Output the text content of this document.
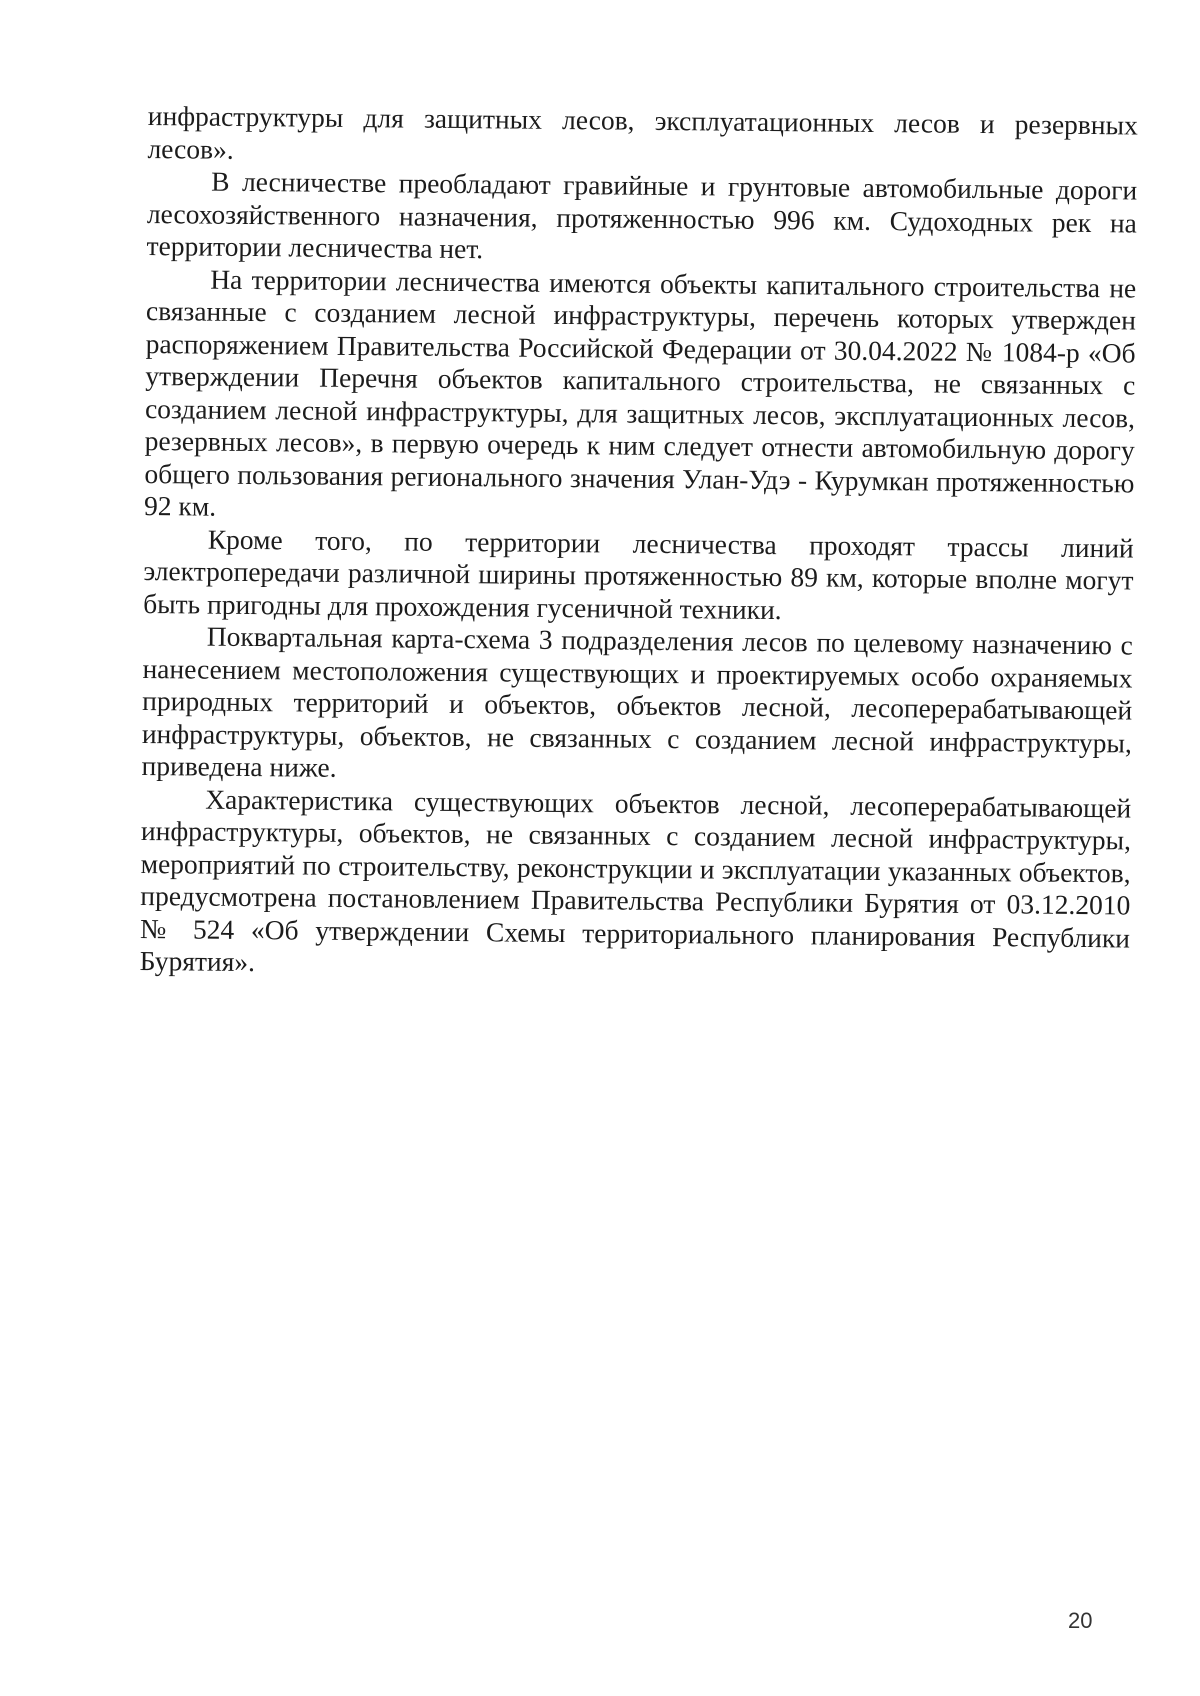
инфраструктуры для защитных лесов, эксплуатационных лесов и резервных лесов».

В лесничестве преобладают гравийные и грунтовые автомобильные дороги лесохозяйственного назначения, протяженностью 996 км. Судоходных рек на территории лесничества нет.

На территории лесничества имеются объекты капитального строительства не связанные с созданием лесной инфраструктуры, перечень которых утвержден распоряжением Правительства Российской Федерации от 30.04.2022 № 1084-р «Об утверждении Перечня объектов капитального строительства, не связанных с созданием лесной инфраструктуры, для защитных лесов, эксплуатационных лесов, резервных лесов», в первую очередь к ним следует отнести автомобильную дорогу общего пользования регионального значения Улан-Удэ - Курумкан протяженностью 92 км.

Кроме того, по территории лесничества проходят трассы линий электропередачи различной ширины протяженностью 89 км, которые вполне могут быть пригодны для прохождения гусеничной техники.

Поквартальная карта-схема 3 подразделения лесов по целевому назначению с нанесением местоположения существующих и проектируемых особо охраняемых природных территорий и объектов, объектов лесной, лесоперерабатывающей инфраструктуры, объектов, не связанных с созданием лесной инфраструктуры, приведена ниже.

Характеристика существующих объектов лесной, лесоперерабатывающей инфраструктуры, объектов, не связанных с созданием лесной инфраструктуры, мероприятий по строительству, реконструкции и эксплуатации указанных объектов, предусмотрена постановлением Правительства Республики Бурятия от 03.12.2010 № 524 «Об утверждении Схемы территориального планирования Республики Бурятия».

20
